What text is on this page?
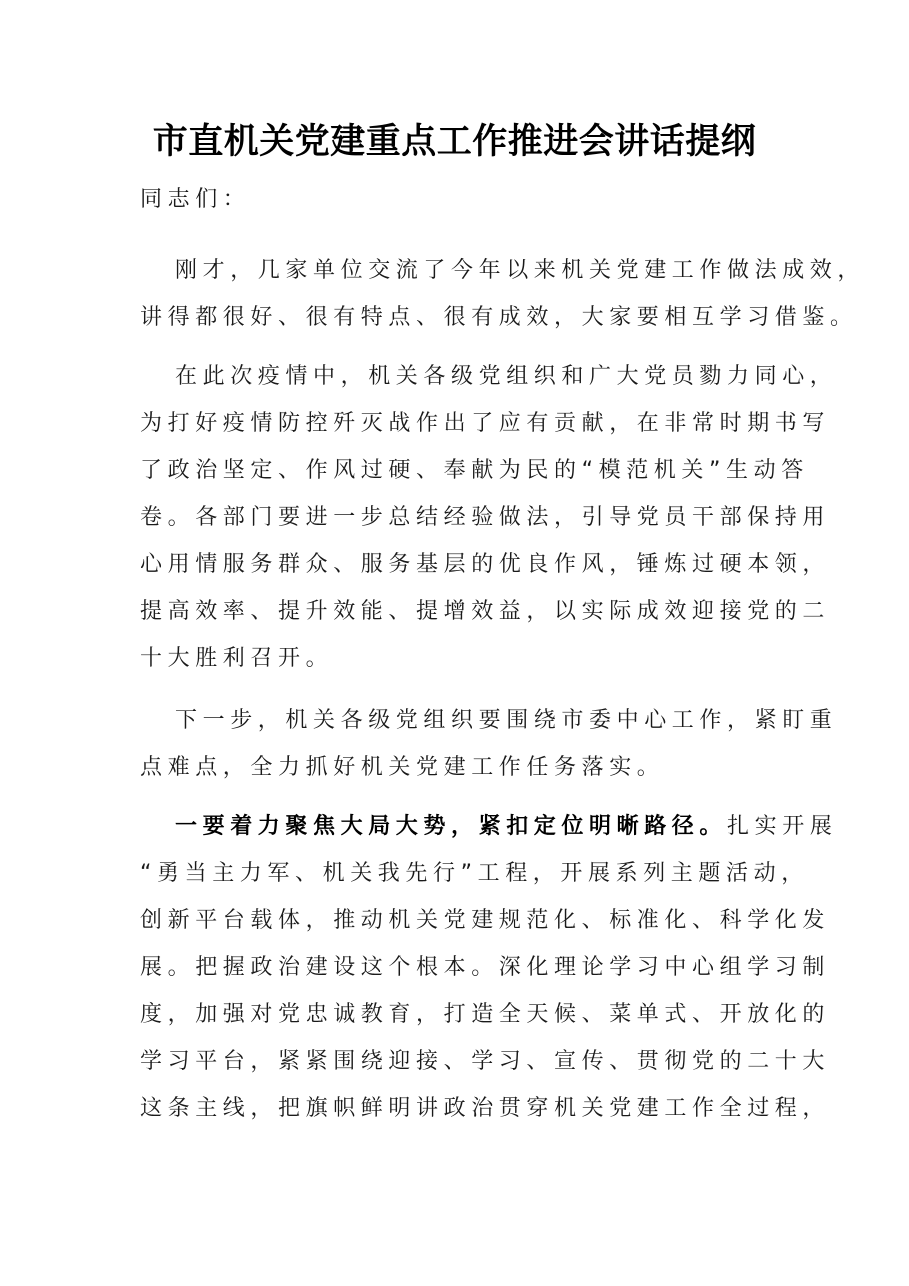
市直机关党建重点工作推进会讲话提纲
同志们：
刚才，几家单位交流了今年以来机关党建工作做法成效，
讲得都很好、很有特点、很有成效，大家要相互学习借鉴。
在此次疫情中，机关各级党组织和广大党员勠力同心，
为打好疫情防控歼灭战作出了应有贡献，在非常时期书写
了政治坚定、作风过硬、奉献为民的“模范机关”生动答
卷。各部门要进一步总结经验做法，引导党员干部保持用
心用情服务群众、服务基层的优良作风，锤炼过硬本领，
提高效率、提升效能、提增效益，以实际成效迎接党的二
十大胜利召开。
下一步，机关各级党组织要围绕市委中心工作，紧盯重
点难点，全力抓好机关党建工作任务落实。
一要着力聚焦大局大势，紧扣定位明晰路径。扎实开展
“勇当主力军、机关我先行”工程，开展系列主题活动，
创新平台载体，推动机关党建规范化、标准化、科学化发
展。把握政治建设这个根本。深化理论学习中心组学习制
度，加强对党忠诚教育，打造全天候、菜单式、开放化的
学习平台，紧紧围绕迎接、学习、宣传、贯彻党的二十大
这条主线，把旗帜鲜明讲政治贯穿机关党建工作全过程，
